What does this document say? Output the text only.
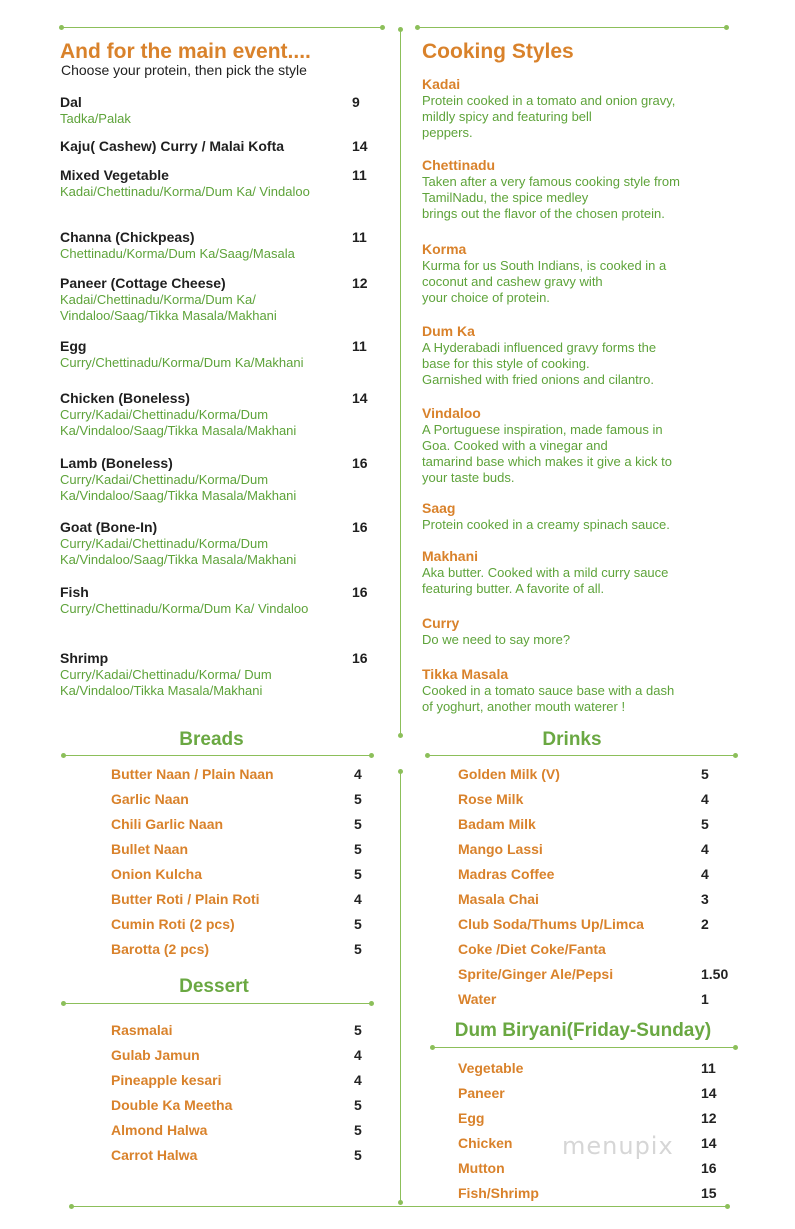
And for the main event....
Choose your protein, then pick the style
Dal	9
Tadka/Palak
Kaju( Cashew) Curry / Malai Kofta	14
Mixed Vegetable	11
Kadai/Chettinadu/Korma/Dum Ka/ Vindaloo
Channa (Chickpeas)	11
Chettinadu/Korma/Dum Ka/Saag/Masala
Paneer (Cottage Cheese)	12
Kadai/Chettinadu/Korma/Dum Ka/ Vindaloo/Saag/Tikka Masala/Makhani
Egg	11
Curry/Chettinadu/Korma/Dum Ka/Makhani
Chicken (Boneless)	14
Curry/Kadai/Chettinadu/Korma/Dum Ka/Vindaloo/Saag/Tikka Masala/Makhani
Lamb (Boneless)	16
Curry/Kadai/Chettinadu/Korma/Dum Ka/Vindaloo/Saag/Tikka Masala/Makhani
Goat (Bone-In)	16
Curry/Kadai/Chettinadu/Korma/Dum Ka/Vindaloo/Saag/Tikka Masala/Makhani
Fish	16
Curry/Chettinadu/Korma/Dum Ka/ Vindaloo
Shrimp	16
Curry/Kadai/Chettinadu/Korma/ Dum Ka/Vindaloo/Tikka Masala/Makhani
Cooking Styles
Kadai
Protein cooked in a tomato and onion gravy,
mildly spicy and featuring bell
peppers.
Chettinadu
Taken after a very famous cooking style from
TamilNadu, the spice medley
brings out the flavor of the chosen protein.
Korma
Kurma for us South Indians, is cooked in a
coconut and cashew gravy with
your choice of protein.
Dum Ka
A Hyderabadi influenced gravy forms the
base for this style of cooking.
Garnished with fried onions and cilantro.
Vindaloo
A Portuguese inspiration, made famous in
Goa. Cooked with a vinegar and
tamarind base which makes it give a kick to
your taste buds.
Saag
Protein cooked in a creamy spinach sauce.
Makhani
Aka butter. Cooked with a mild curry sauce
featuring butter. A favorite of all.
Curry
Do we need to say more?
Tikka Masala
Cooked in a tomato sauce base with a dash
of yoghurt, another mouth waterer !
Breads	Drinks
Dessert
Dum Biryani(Friday-Sunday)
Butter Naan / Plain Naan	4
Garlic Naan	5
Chili Garlic Naan	5
Bullet Naan	5
Onion Kulcha	5
Butter Roti / Plain Roti	4
Cumin Roti (2 pcs)	5
Barotta (2 pcs)	5
Rasmalai	5
Gulab Jamun	4
Pineapple kesari	4
Double Ka Meetha	5
Almond Halwa	5
Carrot Halwa	5
Golden Milk (V)	5
Rose Milk	4
Badam Milk	5
Mango Lassi	4
Madras Coffee	4
Masala Chai	3
Club Soda/Thums Up/Limca	2
Coke /Diet Coke/Fanta
Sprite/Ginger Ale/Pepsi	1.50
Water	1
Vegetable	11
Paneer	14
Egg	12
Chicken	14
Mutton	16
Fish/Shrimp	15
menupix
